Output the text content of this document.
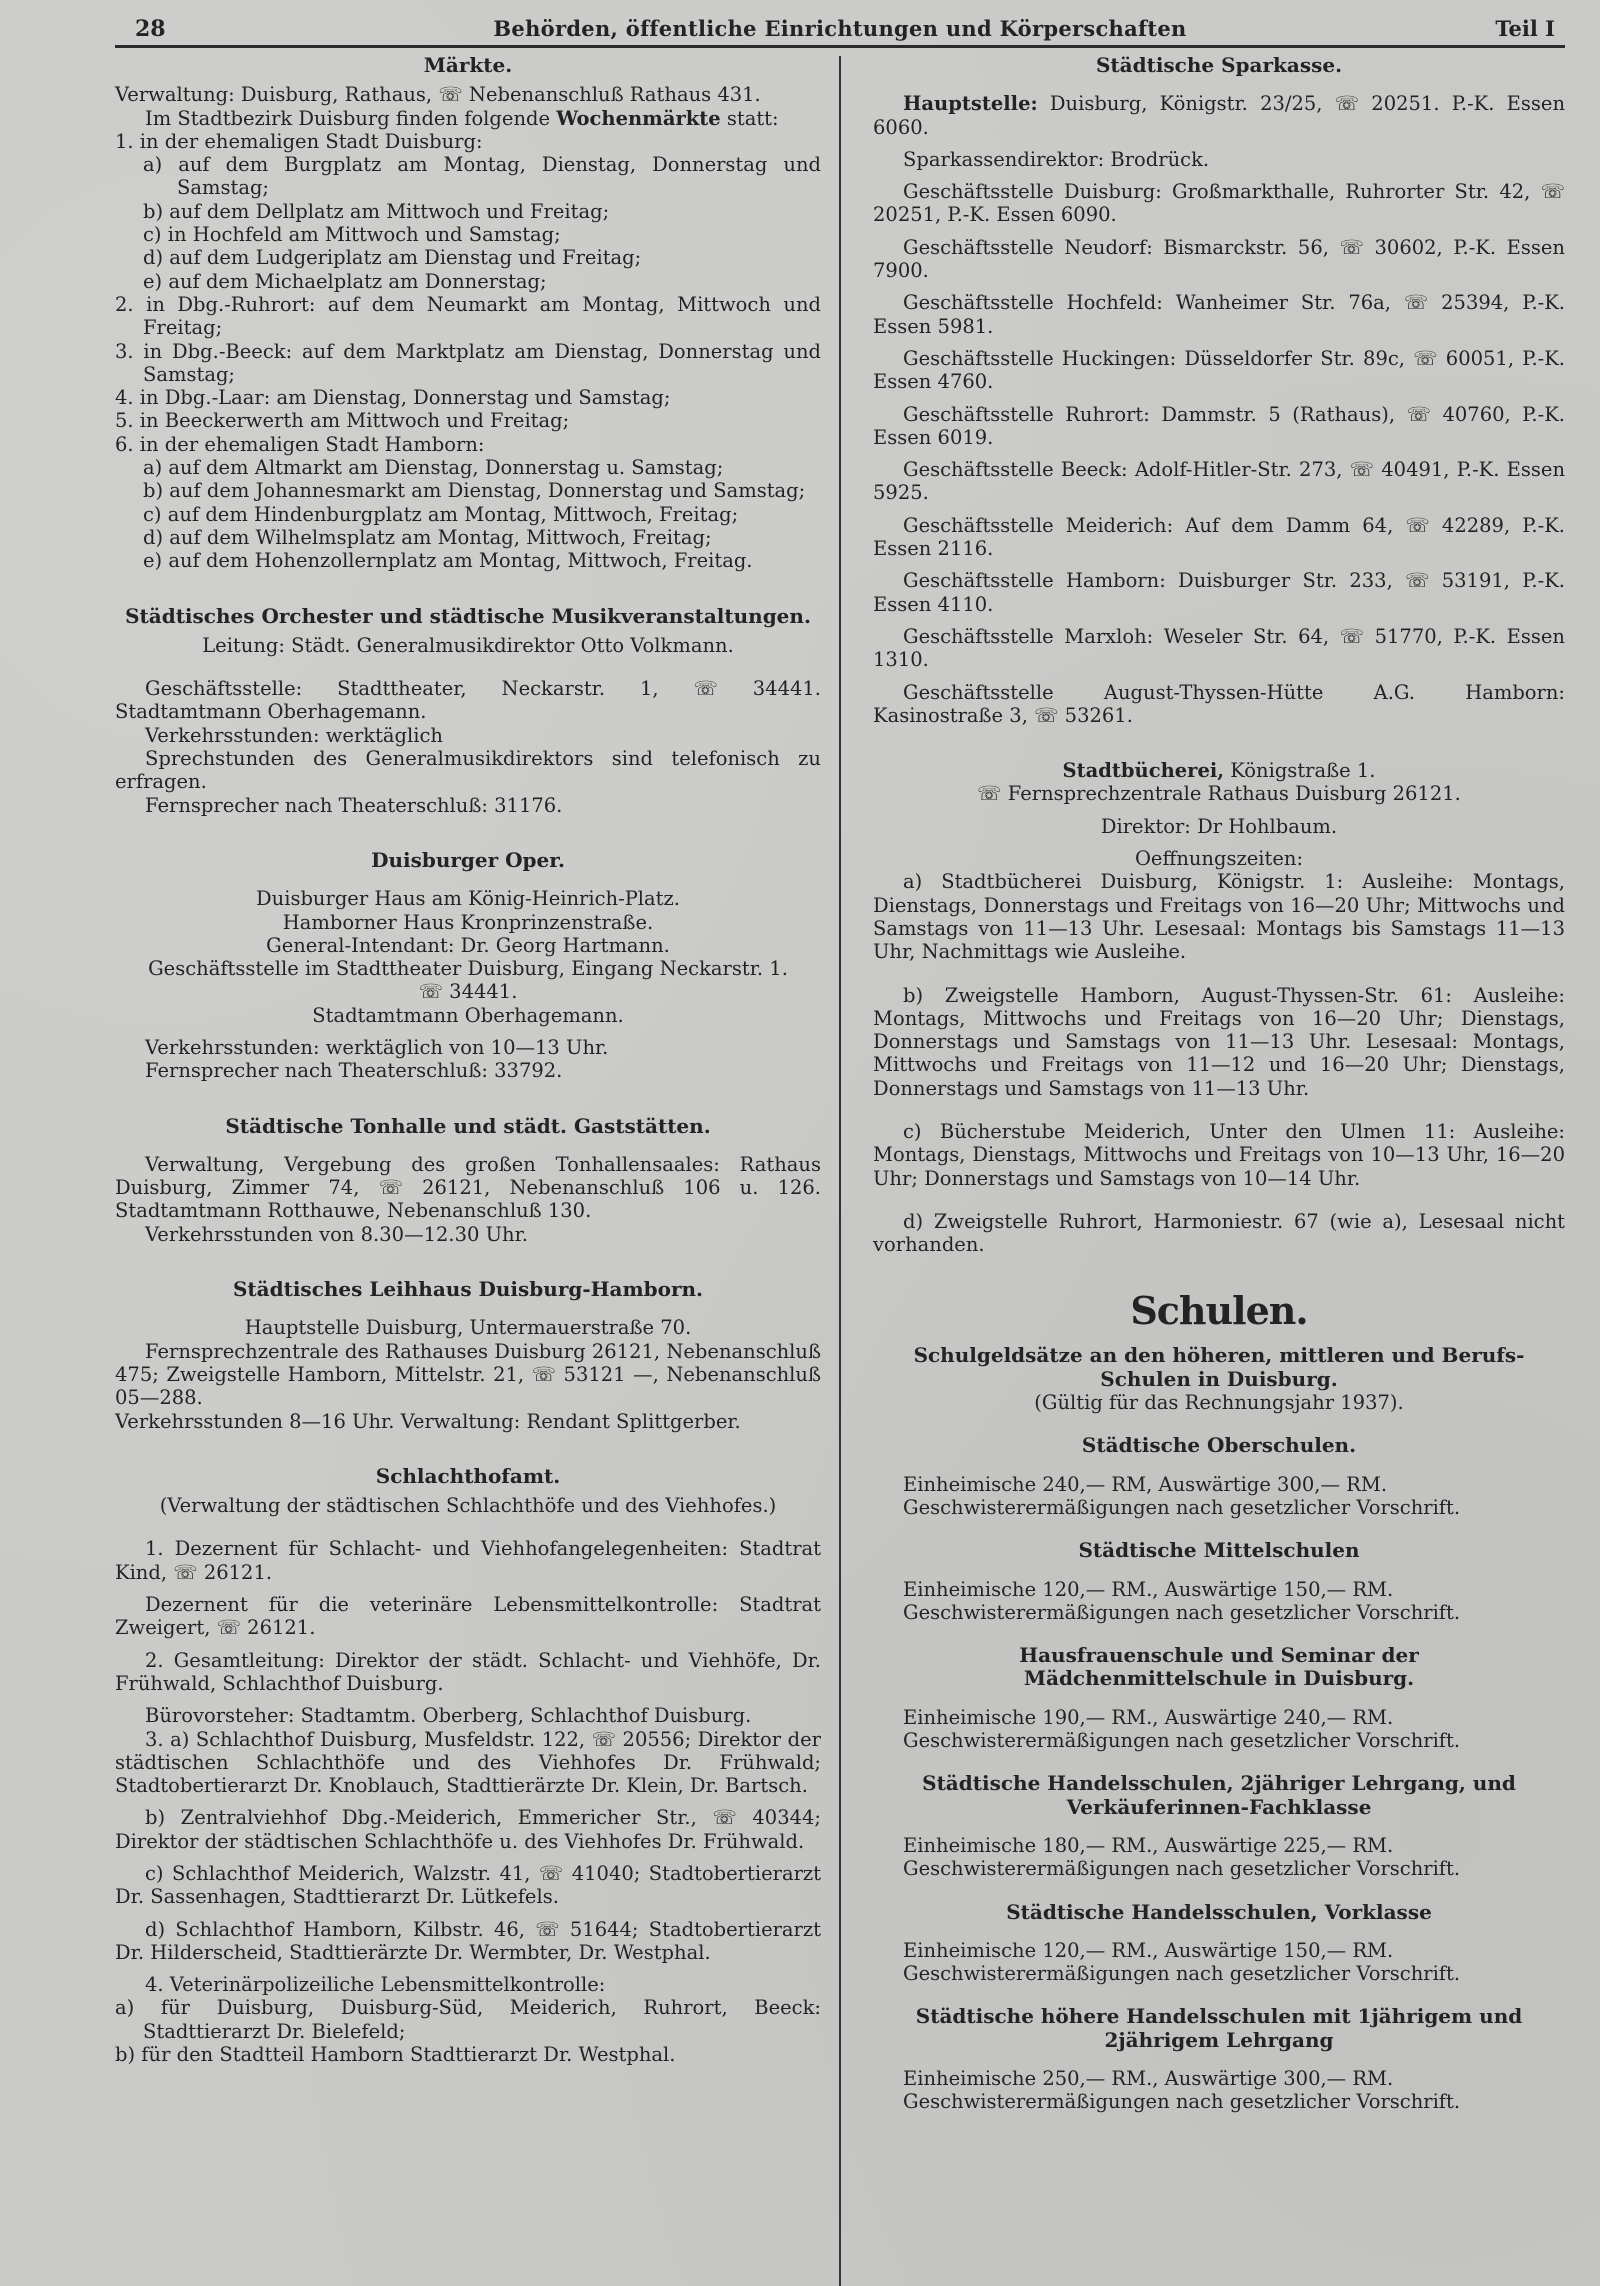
28	Behörden, öffentliche Einrichtungen und Körperschaften	Teil I
Märkte.

Verwaltung: Duisburg, Rathaus, ☏ Nebenanschluß Rathaus 431.

Im Stadtbezirk Duisburg finden folgende Wochenmärkte statt:

1. in der ehemaligen Stadt Duisburg:

a) auf dem Burgplatz am Montag, Dienstag, Donnerstag und Samstag;

b) auf dem Dellplatz am Mittwoch und Freitag;

c) in Hochfeld am Mittwoch und Samstag;

d) auf dem Ludgeriplatz am Dienstag und Freitag;

e) auf dem Michaelplatz am Donnerstag;

2. in Dbg.-Ruhrort: auf dem Neumarkt am Montag, Mittwoch und Freitag;

3. in Dbg.-Beeck: auf dem Marktplatz am Dienstag, Donnerstag und Samstag;

4. in Dbg.-Laar: am Dienstag, Donnerstag und Samstag;

5. in Beeckerwerth am Mittwoch und Freitag;

6. in der ehemaligen Stadt Hamborn:

a) auf dem Altmarkt am Dienstag, Donnerstag u. Samstag;

b) auf dem Johannesmarkt am Dienstag, Donnerstag und Samstag;

c) auf dem Hindenburgplatz am Montag, Mittwoch, Freitag;

d) auf dem Wilhelmsplatz am Montag, Mittwoch, Freitag;

e) auf dem Hohenzollernplatz am Montag, Mittwoch, Freitag.

Städtisches Orchester und städtische Musikveranstaltungen.

Leitung: Städt. Generalmusikdirektor Otto Volkmann.

Geschäftsstelle: Stadttheater, Neckarstr. 1, ☏ 34441. Stadtamtmann Oberhagemann.

Verkehrsstunden: werktäglich

Sprechstunden des Generalmusikdirektors sind telefonisch zu erfragen.

Fernsprecher nach Theaterschluß: 31176.

Duisburger Oper.
Duisburger Haus am König-Heinrich-Platz.
Hamborner Haus Kronprinzenstraße.
General-Intendant: Dr. Georg Hartmann.
Geschäftsstelle im Stadttheater Duisburg, Eingang Neckarstr. 1.
☏ 34441.
Stadtamtmann Oberhagemann.

Verkehrsstunden: werktäglich von 10—13 Uhr.

Fernsprecher nach Theaterschluß: 33792.

Städtische Tonhalle und städt. Gaststätten.

Verwaltung, Vergebung des großen Tonhallensaales: Rathaus Duisburg, Zimmer 74, ☏ 26121, Nebenanschluß 106 u. 126. Stadtamtmann Rotthauwe, Nebenanschluß 130.

Verkehrsstunden von 8.30—12.30 Uhr.

Städtisches Leihhaus Duisburg-Hamborn.
Hauptstelle Duisburg, Untermauerstraße 70.

Fernsprechzentrale des Rathauses Duisburg 26121, Nebenanschluß 475; Zweigstelle Hamborn, Mittelstr. 21, ☏ 53121 —, Nebenanschluß 05—288.

Verkehrsstunden 8—16 Uhr. Verwaltung: Rendant Splittgerber.

Schlachthofamt.
(Verwaltung der städtischen Schlachthöfe und des Viehhofes.)

1. Dezernent für Schlacht- und Viehhofangelegenheiten: Stadtrat Kind, ☏ 26121.

Dezernent für die veterinäre Lebensmittelkontrolle: Stadtrat Zweigert, ☏ 26121.

2. Gesamtleitung: Direktor der städt. Schlacht- und Viehhöfe, Dr. Frühwald, Schlachthof Duisburg.

Bürovorsteher: Stadtamtm. Oberberg, Schlachthof Duisburg.

3. a) Schlachthof Duisburg, Musfeldstr. 122, ☏ 20556; Direktor der städtischen Schlachthöfe und des Viehhofes Dr. Frühwald; Stadtobertierarzt Dr. Knoblauch, Stadttierärzte Dr. Klein, Dr. Bartsch.

b) Zentralviehhof Dbg.-Meiderich, Emmericher Str., ☏ 40344; Direktor der städtischen Schlachthöfe u. des Viehhofes Dr. Frühwald.

c) Schlachthof Meiderich, Walzstr. 41, ☏ 41040; Stadtobertierarzt Dr. Sassenhagen, Stadttierarzt Dr. Lütkefels.

d) Schlachthof Hamborn, Kilbstr. 46, ☏ 51644; Stadtobertierarzt Dr. Hilderscheid, Stadttierärzte Dr. Wermbter, Dr. Westphal.

4. Veterinärpolizeiliche Lebensmittelkontrolle:

a) für Duisburg, Duisburg-Süd, Meiderich, Ruhrort, Beeck: Stadttierarzt Dr. Bielefeld;

b) für den Stadtteil Hamborn Stadttierarzt Dr. Westphal.

Städtische Sparkasse.

Hauptstelle: Duisburg, Königstr. 23/25, ☏ 20251. P.-K. Essen 6060.

Sparkassendirektor: Brodrück.

Geschäftsstelle Duisburg: Großmarkthalle, Ruhrorter Str. 42, ☏ 20251, P.-K. Essen 6090.

Geschäftsstelle Neudorf: Bismarckstr. 56, ☏ 30602, P.-K. Essen 7900.

Geschäftsstelle Hochfeld: Wanheimer Str. 76a, ☏ 25394, P.-K. Essen 5981.

Geschäftsstelle Huckingen: Düsseldorfer Str. 89c, ☏ 60051, P.-K. Essen 4760.

Geschäftsstelle Ruhrort: Dammstr. 5 (Rathaus), ☏ 40760, P.-K. Essen 6019.

Geschäftsstelle Beeck: Adolf-Hitler-Str. 273, ☏ 40491, P.-K. Essen 5925.

Geschäftsstelle Meiderich: Auf dem Damm 64, ☏ 42289, P.-K. Essen 2116.

Geschäftsstelle Hamborn: Duisburger Str. 233, ☏ 53191, P.-K. Essen 4110.

Geschäftsstelle Marxloh: Weseler Str. 64, ☏ 51770, P.-K. Essen 1310.

Geschäftsstelle August-Thyssen-Hütte A.G. Hamborn: Kasinostraße 3, ☏ 53261.

Stadtbücherei, Königstraße 1.
☏ Fernsprechzentrale Rathaus Duisburg 26121.
Direktor: Dr Hohlbaum.
Oeffnungszeiten:

a) Stadtbücherei Duisburg, Königstr. 1: Ausleihe: Montags, Dienstags, Donnerstags und Freitags von 16—20 Uhr; Mittwochs und Samstags von 11—13 Uhr. Lesesaal: Montags bis Samstags 11—13 Uhr, Nachmittags wie Ausleihe.

b) Zweigstelle Hamborn, August-Thyssen-Str. 61: Ausleihe: Montags, Mittwochs und Freitags von 16—20 Uhr; Dienstags, Donnerstags und Samstags von 11—13 Uhr. Lesesaal: Montags, Mittwochs und Freitags von 11—12 und 16—20 Uhr; Dienstags, Donnerstags und Samstags von 11—13 Uhr.

c) Bücherstube Meiderich, Unter den Ulmen 11: Ausleihe: Montags, Dienstags, Mittwochs und Freitags von 10—13 Uhr, 16—20 Uhr; Donnerstags und Samstags von 10—14 Uhr.

d) Zweigstelle Ruhrort, Harmoniestr. 67 (wie a), Lesesaal nicht vorhanden.

Schulen.
Schulgeldsätze an den höheren, mittleren und Berufs-Schulen in Duisburg.
(Gültig für das Rechnungsjahr 1937).
Städtische Oberschulen.

Einheimische 240,— RM, Auswärtige 300,— RM.

Geschwisterermäßigungen nach gesetzlicher Vorschrift.

Städtische Mittelschulen

Einheimische 120,— RM., Auswärtige 150,— RM.

Geschwisterermäßigungen nach gesetzlicher Vorschrift.

Hausfrauenschule und Seminar der Mädchenmittelschule in Duisburg.

Einheimische 190,— RM., Auswärtige 240,— RM.

Geschwisterermäßigungen nach gesetzlicher Vorschrift.

Städtische Handelsschulen, 2jähriger Lehrgang, und Verkäuferinnen-Fachklasse

Einheimische 180,— RM., Auswärtige 225,— RM.

Geschwisterermäßigungen nach gesetzlicher Vorschrift.

Städtische Handelsschulen, Vorklasse

Einheimische 120,— RM., Auswärtige 150,— RM.

Geschwisterermäßigungen nach gesetzlicher Vorschrift.

Städtische höhere Handelsschulen mit 1jährigem und 2jährigem Lehrgang

Einheimische 250,— RM., Auswärtige 300,— RM.

Geschwisterermäßigungen nach gesetzlicher Vorschrift.
